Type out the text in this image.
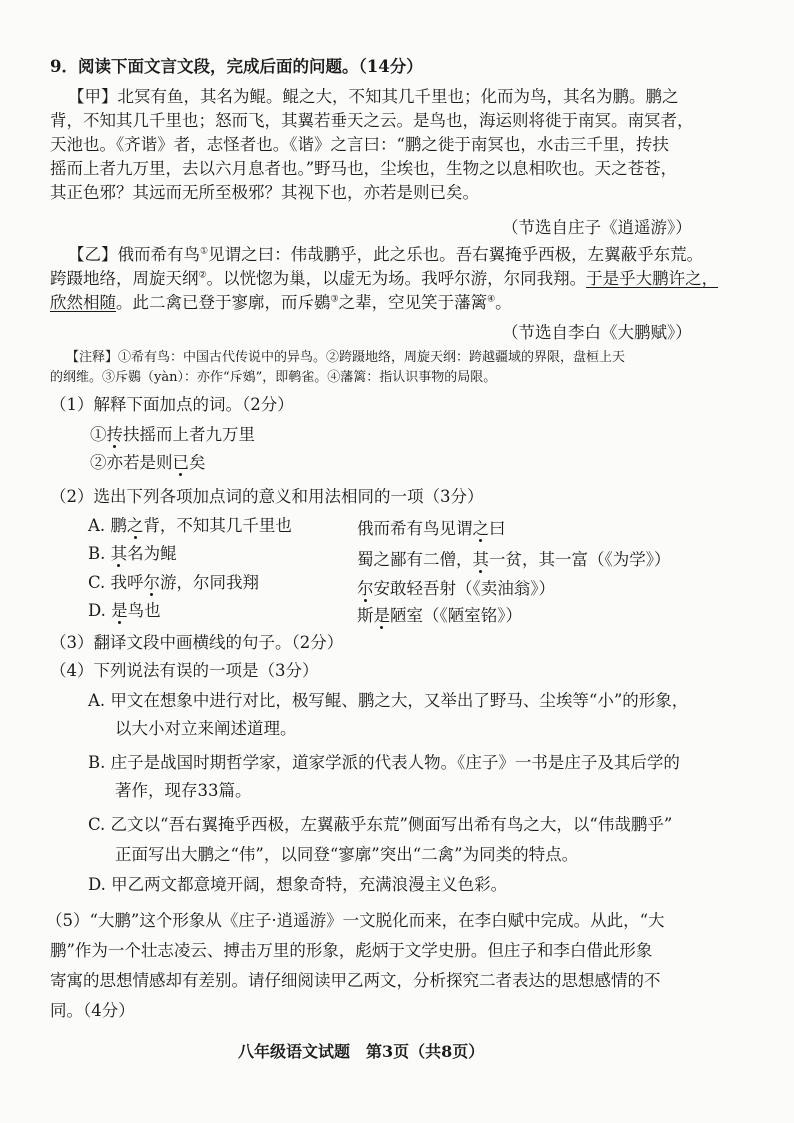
9．阅读下面文言文段，完成后面的问题。（14分）
【甲】北冥有鱼，其名为鲲。鲲之大，不知其几千里也；化而为鸟，其名为鹏。鹏之
背，不知其几千里也；怒而飞，其翼若垂天之云。是鸟也，海运则将徙于南冥。南冥者，
天池也。《齐谐》者，志怪者也。《谐》之言曰：“鹏之徙于南冥也，水击三千里，抟扶
摇而上者九万里，去以六月息者也。”野马也，尘埃也，生物之以息相吹也。天之苍苍，
其正色邪？其远而无所至极邪？其视下也，亦若是则已矣。
（节选自庄子《逍遥游》）
【乙】俄而希有鸟①见谓之曰：伟哉鹏乎，此之乐也。吾右翼掩乎西极，左翼蔽乎东荒。
跨蹑地络，周旋天纲②。以恍惚为巢，以虚无为场。我呼尔游，尔同我翔。于是乎大鹏许之，
欣然相随。此二禽已登于寥廓，而斥鷃③之辈，空见笑于藩篱④。
（节选自李白《大鹏赋》）
【注释】①希有鸟：中国古代传说中的异鸟。②跨蹑地络，周旋天纲：跨越疆域的界限，盘桓上天
的纲维。③斥鷃（yàn）：亦作“斥鴳”，即鹌雀。④藩篱：指认识事物的局限。
（1）解释下面加点的词。（2分）
①抟扶摇而上者九万里
②亦若是则已矣
（2）选出下列各项加点词的意义和用法相同的一项（3分）
A. 鹏之背，不知其几千里也	俄而希有鸟见谓之曰
B. 其名为鲲	蜀之鄙有二僧，其一贫，其一富（《为学》）
C. 我呼尔游，尔同我翔	尔安敢轻吾射（《卖油翁》）
D. 是鸟也	斯是陋室（《陋室铭》）
（3）翻译文段中画横线的句子。（2分）
（4）下列说法有误的一项是（3分）
A. 甲文在想象中进行对比，极写鲲、鹏之大，又举出了野马、尘埃等“小”的形象，
以大小对立来阐述道理。
B. 庄子是战国时期哲学家，道家学派的代表人物。《庄子》一书是庄子及其后学的
著作，现存33篇。
C. 乙文以“吾右翼掩乎西极，左翼蔽乎东荒”侧面写出希有鸟之大，以“伟哉鹏乎”
正面写出大鹏之“伟”，以同登“寥廓”突出“二禽”为同类的特点。
D. 甲乙两文都意境开阔，想象奇特，充满浪漫主义色彩。
（5）“大鹏”这个形象从《庄子·逍遥游》一文脱化而来，在李白赋中完成。从此，“大
鹏”作为一个壮志凌云、搏击万里的形象，彪炳于文学史册。但庄子和李白借此形象
寄寓的思想情感却有差别。请仔细阅读甲乙两文，分析探究二者表达的思想感情的不
同。（4分）
八年级语文试题　第3页（共8页）
